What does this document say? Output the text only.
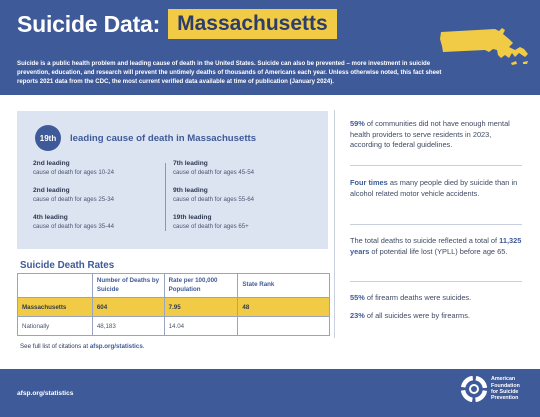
Suicide Data: Massachusetts
Suicide is a public health problem and leading cause of death in the United States. Suicide can also be prevented – more investment in suicide prevention, education, and research will prevent the untimely deaths of thousands of Americans each year. Unless otherwise noted, this fact sheet reports 2021 data from the CDC, the most current verified data available at time of publication (January 2024).
19th	leading cause of death in Massachusetts
2nd leading
cause of death for ages 10-24
2nd leading
cause of death for ages 25-34
4th leading
cause of death for ages 35-44
7th leading
cause of death for ages 45-54
9th leading
cause of death for ages 55-64
19th leading
cause of death for ages 65+
Suicide Death Rates
	Number of Deaths by Suicide	Rate per 100,000 Population	State Rank
Massachusetts	604	7.95	48
Nationally	48,183	14.04	
See full list of citations at afsp.org/statistics.
59% of communities did not have enough mental health providers to serve residents in 2023, according to federal guidelines.
Four times as many people died by suicide than in alcohol related motor vehicle accidents.
The total deaths to suicide reflected a total of 11,325 years of potential life lost (YPLL) before age 65.
55% of firearm deaths were suicides.
23% of all suicides were by firearms.
afsp.org/statistics
American
Foundation
for Suicide
Prevention
